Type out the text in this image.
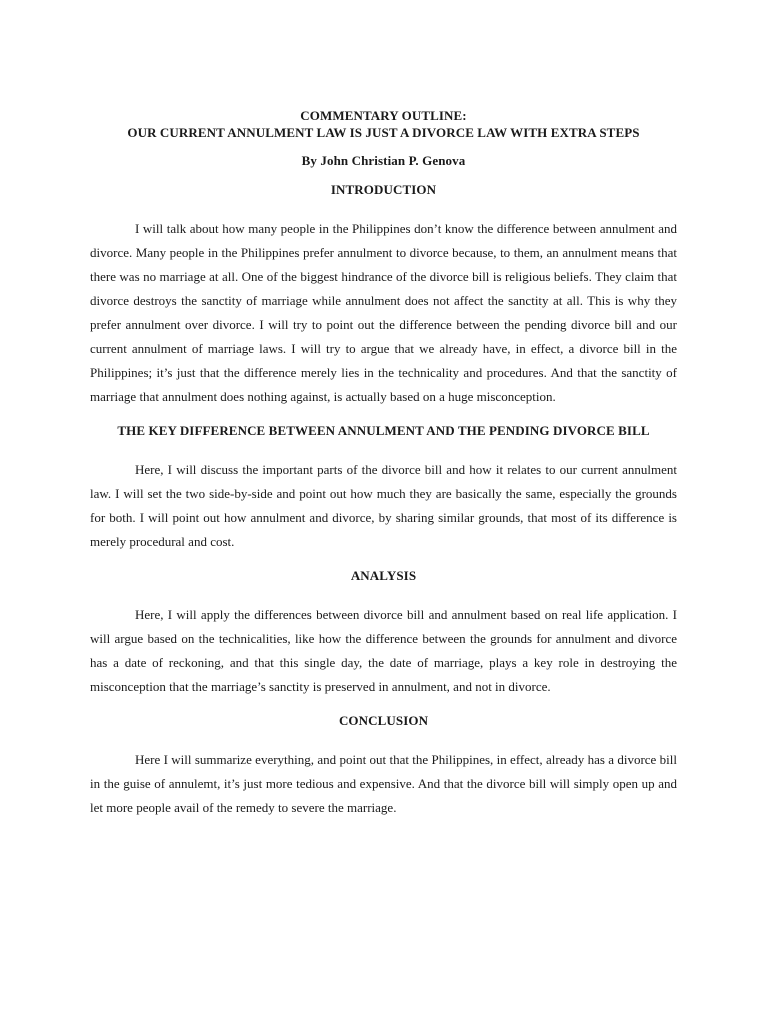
COMMENTARY OUTLINE:

OUR CURRENT ANNULMENT LAW IS JUST A DIVORCE LAW WITH EXTRA STEPS

By John Christian P. Genova

INTRODUCTION

I will talk about how many people in the Philippines don’t know the difference between annulment and divorce. Many people in the Philippines prefer annulment to divorce because, to them, an annulment means that there was no marriage at all. One of the biggest hindrance of the divorce bill is religious beliefs. They claim that divorce destroys the sanctity of marriage while annulment does not affect the sanctity at all. This is why they prefer annulment over divorce. I will try to point out the difference between the pending divorce bill and our current annulment of marriage laws. I will try to argue that we already have, in effect, a divorce bill in the Philippines; it’s just that the difference merely lies in the technicality and procedures. And that the sanctity of marriage that annulment does nothing against, is actually based on a huge misconception.

THE KEY DIFFERENCE BETWEEN ANNULMENT AND THE PENDING DIVORCE BILL

Here, I will discuss the important parts of the divorce bill and how it relates to our current annulment law. I will set the two side-by-side and point out how much they are basically the same, especially the grounds for both. I will point out how annulment and divorce, by sharing similar grounds, that most of its difference is merely procedural and cost.

ANALYSIS

Here, I will apply the differences between divorce bill and annulment based on real life application. I will argue based on the technicalities, like how the difference between the grounds for annulment and divorce has a date of reckoning, and that this single day, the date of marriage, plays a key role in destroying the misconception that the marriage’s sanctity is preserved in annulment, and not in divorce.

CONCLUSION

Here I will summarize everything, and point out that the Philippines, in effect, already has a divorce bill in the guise of annulemt, it’s just more tedious and expensive. And that the divorce bill will simply open up and let more people avail of the remedy to severe the marriage.
